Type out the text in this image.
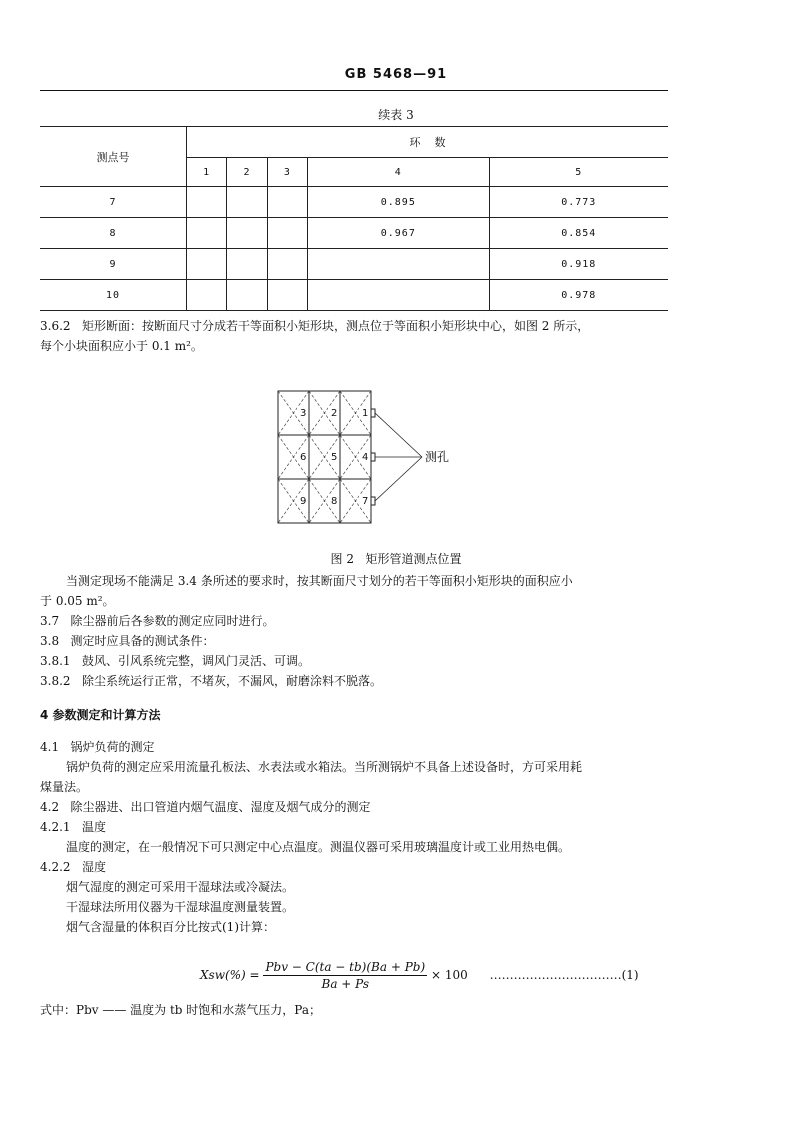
GB 5468—91
续表 3
测点号	环    数				
	1	2	3	4	5
7				0.895	0.773
8				0.967	0.854
9					0.918
10					0.978
3.6.2   矩形断面：按断面尺寸分成若干等面积小矩形块，测点位于等面积小矩形块中心，如图 2 所示，
每个小块面积应小于 0.1 m²。
3 2 1
6 5 4
9 8 7
测孔
图 2   矩形管道测点位置
当测定现场不能满足 3.4 条所述的要求时，按其断面尺寸划分的若干等面积小矩形块的面积应小
于 0.05 m²。
3.7   除尘器前后各参数的测定应同时进行。
3.8   测定时应具备的测试条件：
3.8.1   鼓风、引风系统完整，调风门灵活、可调。
3.8.2   除尘系统运行正常，不堵灰，不漏风，耐磨涂料不脱落。
4 参数测定和计算方法
4.1   锅炉负荷的测定
锅炉负荷的测定应采用流量孔板法、水表法或水箱法。当所测锅炉不具备上述设备时，方可采用耗
煤量法。
4.2   除尘器进、出口管道内烟气温度、湿度及烟气成分的测定
4.2.1   温度
温度的测定，在一般情况下可只测定中心点温度。测温仪器可采用玻璃温度计或工业用热电偶。
4.2.2   湿度
烟气湿度的测定可采用干湿球法或冷凝法。
干湿球法所用仪器为干湿球温度测量装置。
烟气含湿量的体积百分比按式(1)计算：
$Xsw(\%) = \frac{\text{Pbv − C(ta − tb)(Ba + Pb)}}{Ba + Ps} \times 100$ ……………………………(1)
式中：Pbv —— 温度为 tb 时饱和水蒸气压力，Pa；
